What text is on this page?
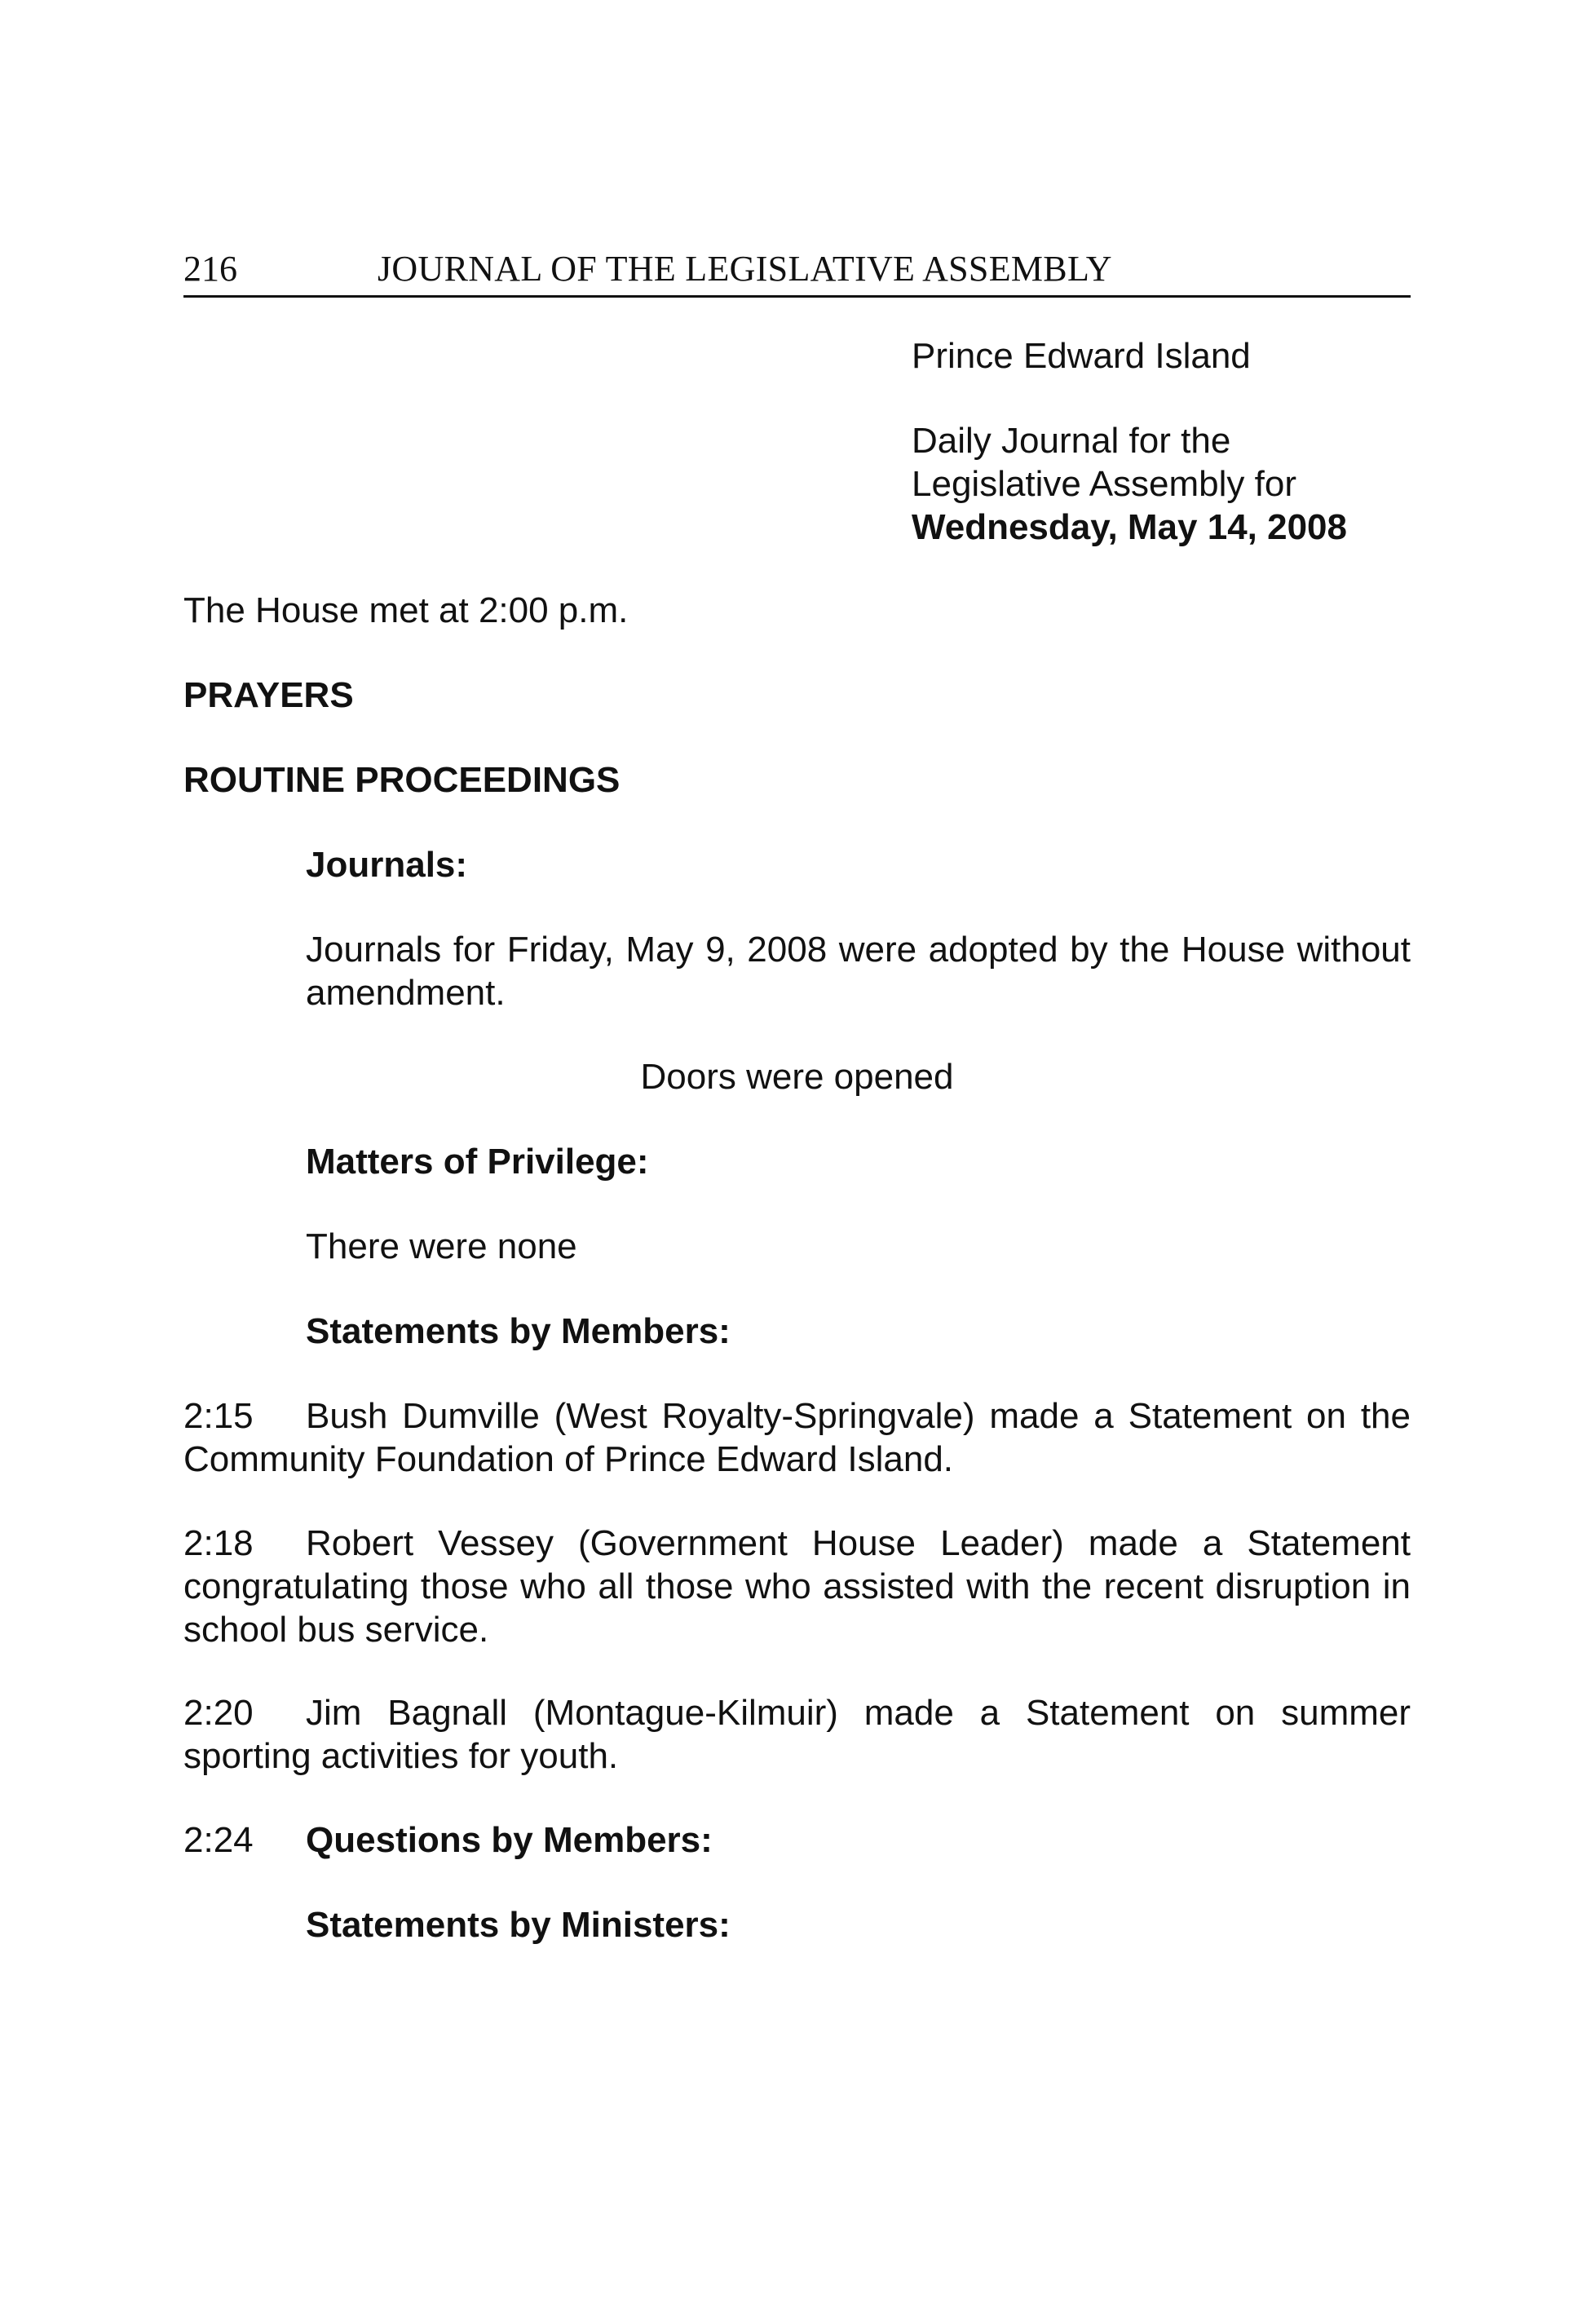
216	JOURNAL OF THE LEGISLATIVE ASSEMBLY

Prince Edward Island

Daily Journal for the
Legislative Assembly for
Wednesday, May 14, 2008

The House met at 2:00 p.m.

PRAYERS

ROUTINE PROCEEDINGS

Journals:

Journals for Friday, May 9, 2008 were adopted by the House without amendment.

Doors were opened

Matters of Privilege:

There were none

Statements by Members:

2:15 Bush Dumville (West Royalty-Springvale) made a Statement on the Community Foundation of Prince Edward Island.

2:18 Robert Vessey (Government House Leader) made a Statement congratulating those who all those who assisted with the recent disruption in school bus service.

2:20 Jim Bagnall (Montague-Kilmuir) made a Statement on summer sporting activities for youth.

2:24 Questions by Members:

Statements by Ministers:
